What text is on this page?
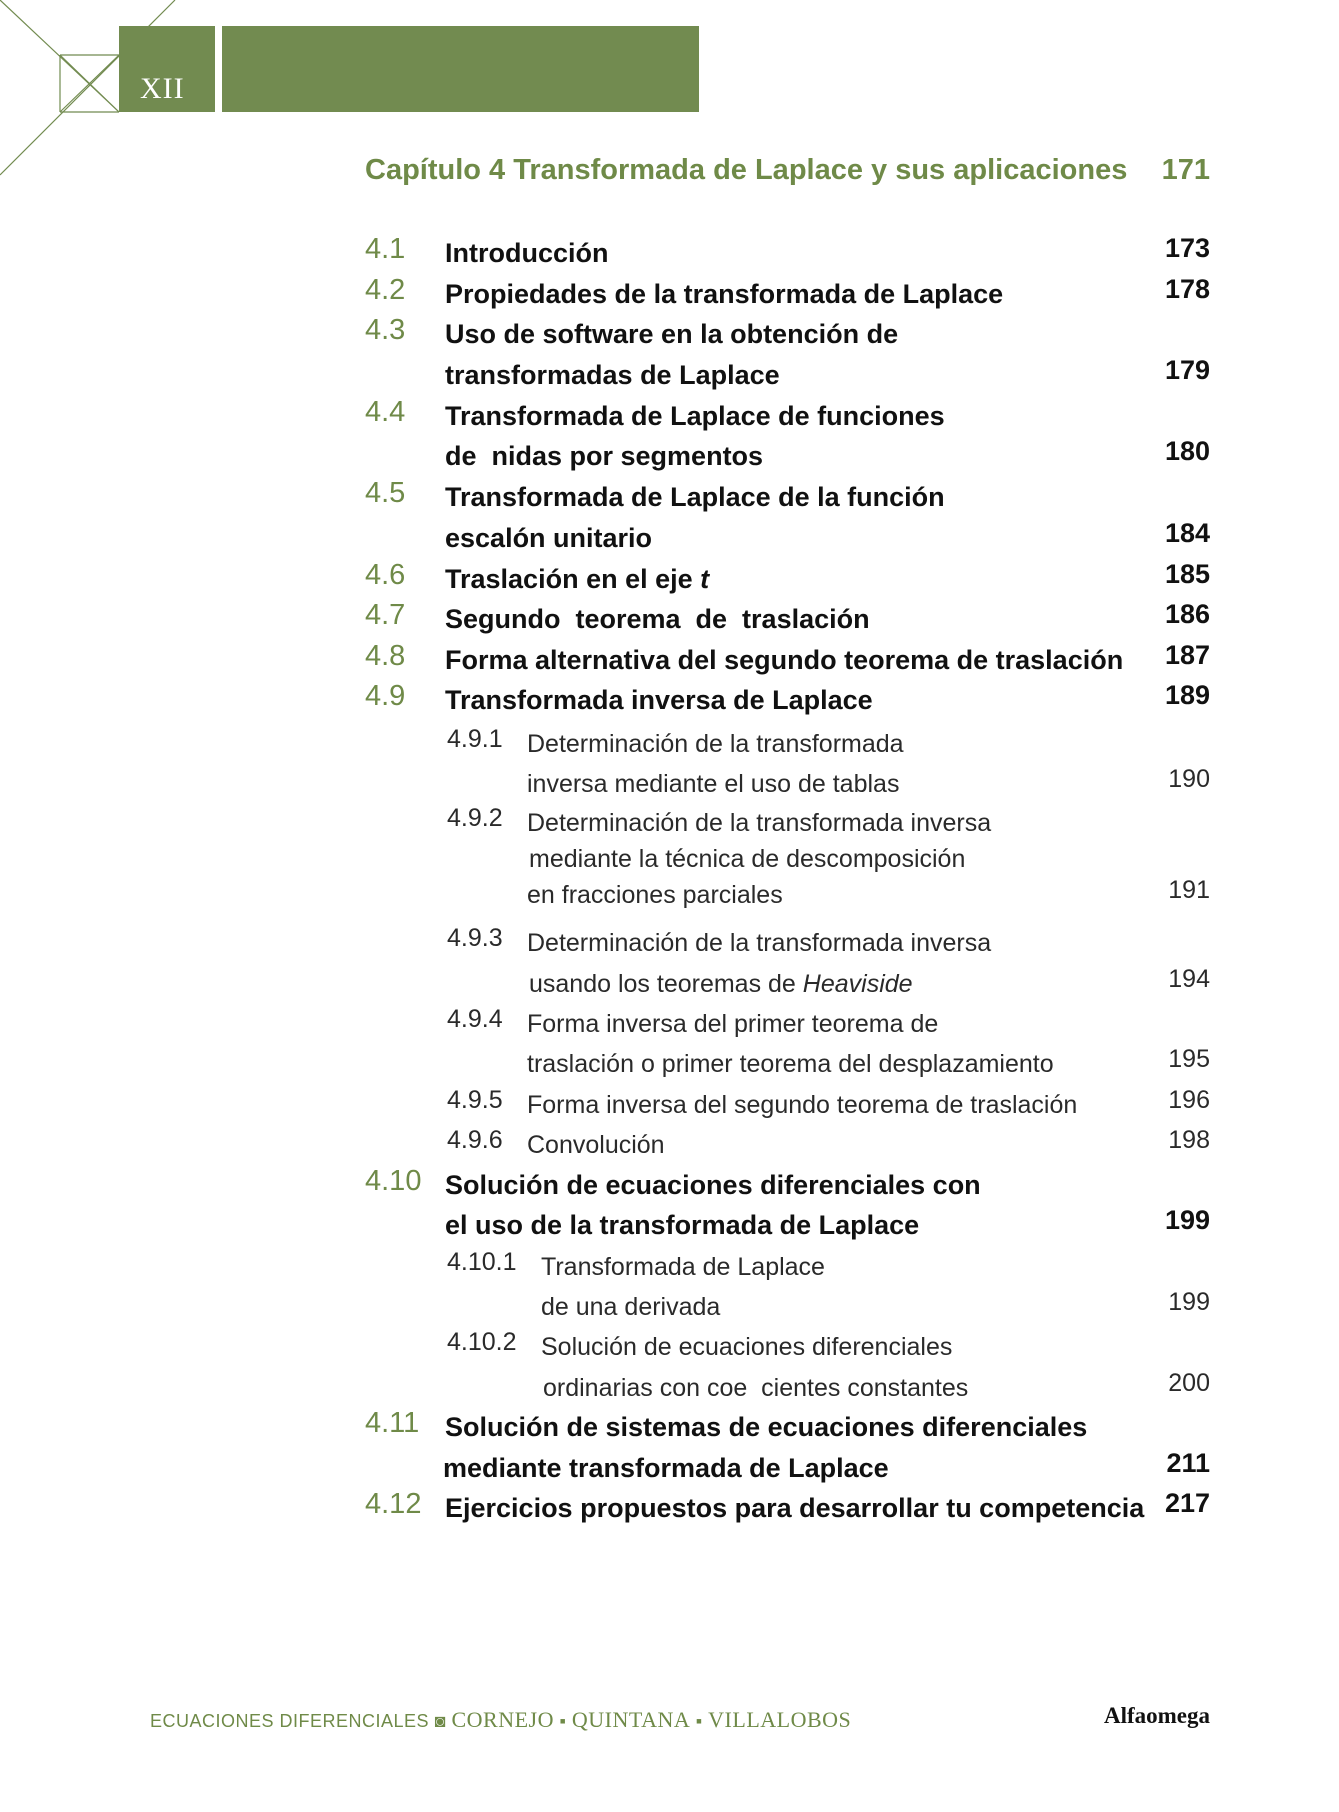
XII
Capítulo 4 Transformada de Laplace y sus aplicaciones 171
4.1 Introducción	173
4.2 Propiedades de la transformada de Laplace	178
4.3 Uso de software en la obtención de
transformadas de Laplace	179
4.4 Transformada de Laplace de funciones
de  nidas por segmentos	180
4.5 Transformada de Laplace de la función
escalón unitario	184
4.6 Traslación en el eje t	185
4.7 Segundo  teorema  de  traslación	186
4.8 Forma alternativa del segundo teorema de traslación 187
4.9 Transformada inversa de Laplace	189
4.9.1 Determinación de la transformada
inversa mediante el uso de tablas	190
4.9.2 Determinación de la transformada inversa
mediante la técnica de descomposición
en fracciones parciales	191
4.9.3 Determinación de la transformada inversa
usando los teoremas de Heaviside	194
4.9.4 Forma inversa del primer teorema de
traslación o primer teorema del desplazamiento	195
4.9.5 Forma inversa del segundo teorema de traslación	196
4.9.6 Convolución	198
4.10 Solución de ecuaciones diferenciales con
el uso de la transformada de Laplace	199
4.10.1 Transformada de Laplace
de una derivada	199
4.10.2 Solución de ecuaciones diferenciales
ordinarias con coe  cientes constantes	200
4.11 Solución de sistemas de ecuaciones diferenciales
mediante transformada de Laplace	211
4.12 Ejercicios propuestos para desarrollar tu competencia 217
ECUACIONES DIFERENCIALES ◙ CORNEJO ▪ QUINTANA ▪ VILLALOBOS	Alfaomega
